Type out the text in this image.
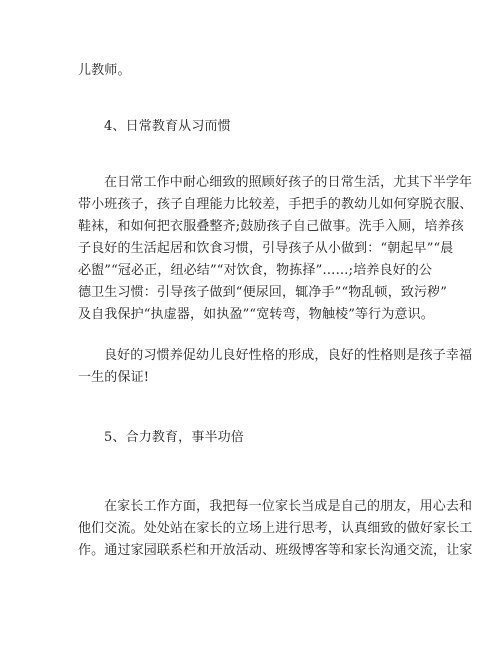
儿教师。
4、日常教育从习而惯
在日常工作中耐心细致的照顾好孩子的日常生活，尤其下半学年
带小班孩子，孩子自理能力比较差，手把手的教幼儿如何穿脱衣服、
鞋袜，和如何把衣服叠整齐;鼓励孩子自己做事。洗手入厕，培养孩
子良好的生活起居和饮食习惯，引导孩子从小做到：“朝起早”“晨
必盥”“冠必正，纽必结”“对饮食，物拣择”……;培养良好的公
德卫生习惯：引导孩子做到“便尿回，辄净手”“物乱顿，致污秽”
及自我保护“执虚器，如执盈”“宽转弯，物触棱”等行为意识。
良好的习惯养促幼儿良好性格的形成，良好的性格则是孩子幸福
一生的保证!
5、合力教育，事半功倍
在家长工作方面，我把每一位家长当成是自己的朋友，用心去和
他们交流。处处站在家长的立场上进行思考，认真细致的做好家长工
作。通过家园联系栏和开放活动、班级博客等和家长沟通交流，让家
